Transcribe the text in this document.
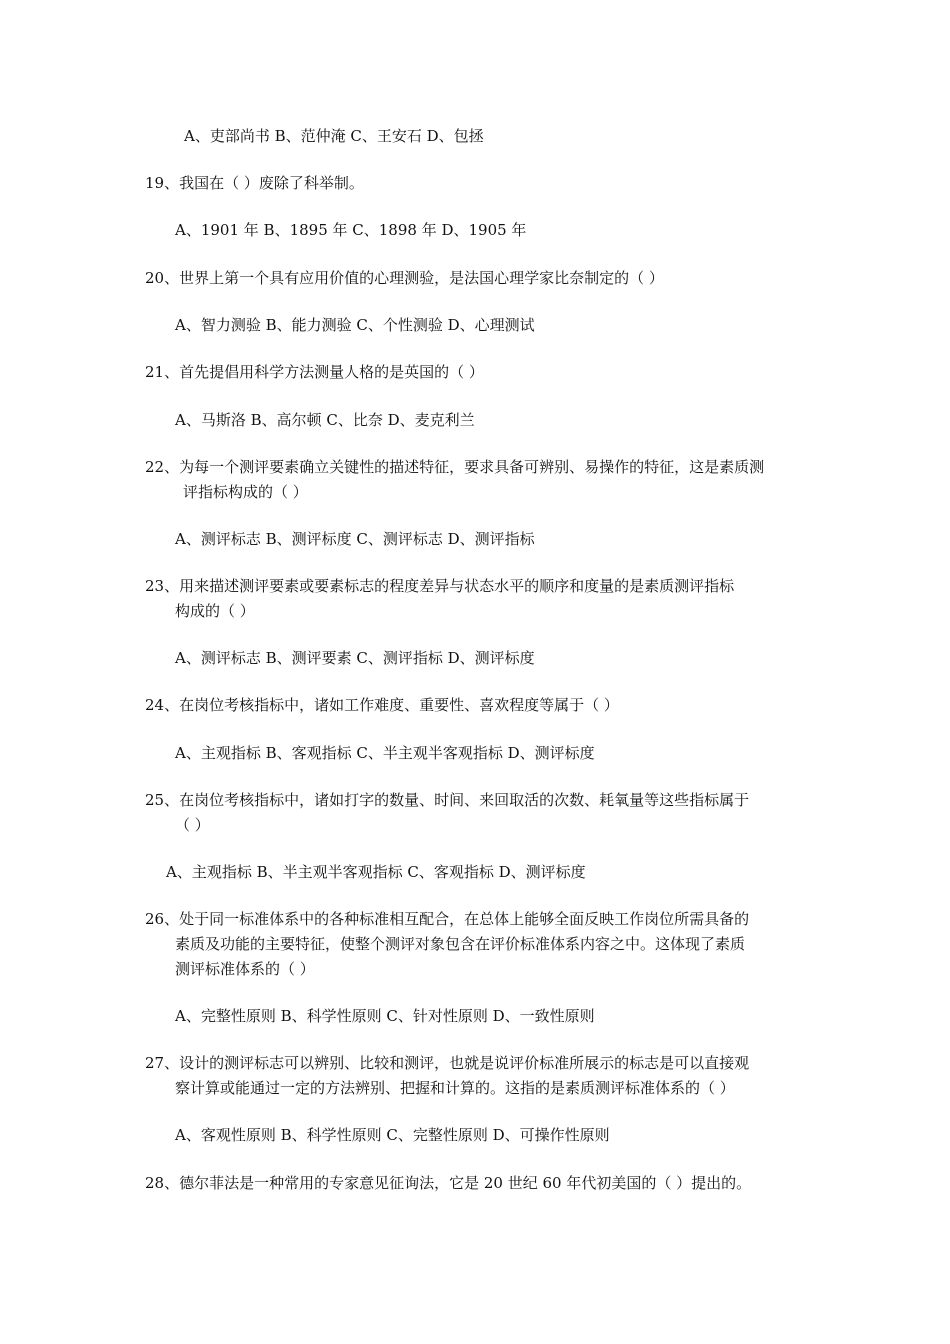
A、吏部尚书 B、范仲淹 C、王安石 D、包拯
19、我国在（ ）废除了科举制。
A、1901 年 B、1895 年 C、1898 年 D、1905 年
20、世界上第一个具有应用价值的心理测验，是法国心理学家比奈制定的（ ）
A、智力测验 B、能力测验 C、个性测验 D、心理测试
21、首先提倡用科学方法测量人格的是英国的（ ）
A、马斯洛 B、高尔顿 C、比奈 D、麦克利兰
22、为每一个测评要素确立关键性的描述特征，要求具备可辨别、易操作的特征，这是素质测
评指标构成的（ ）
A、测评标志 B、测评标度 C、测评标志 D、测评指标
23、用来描述测评要素或要素标志的程度差异与状态水平的顺序和度量的是素质测评指标
构成的（ ）
A、测评标志 B、测评要素 C、测评指标 D、测评标度
24、在岗位考核指标中，诸如工作难度、重要性、喜欢程度等属于（ ）
A、主观指标 B、客观指标 C、半主观半客观指标 D、测评标度
25、在岗位考核指标中，诸如打字的数量、时间、来回取活的次数、耗氧量等这些指标属于
（ ）
A、主观指标 B、半主观半客观指标 C、客观指标 D、测评标度
26、处于同一标准体系中的各种标准相互配合，在总体上能够全面反映工作岗位所需具备的
素质及功能的主要特征，使整个测评对象包含在评价标准体系内容之中。这体现了素质
测评标准体系的（ ）
A、完整性原则 B、科学性原则 C、针对性原则 D、一致性原则
27、设计的测评标志可以辨别、比较和测评，也就是说评价标准所展示的标志是可以直接观
察计算或能通过一定的方法辨别、把握和计算的。这指的是素质测评标准体系的（ ）
A、客观性原则 B、科学性原则 C、完整性原则 D、可操作性原则
28、德尔菲法是一种常用的专家意见征询法，它是 20 世纪 60 年代初美国的（ ）提出的。
